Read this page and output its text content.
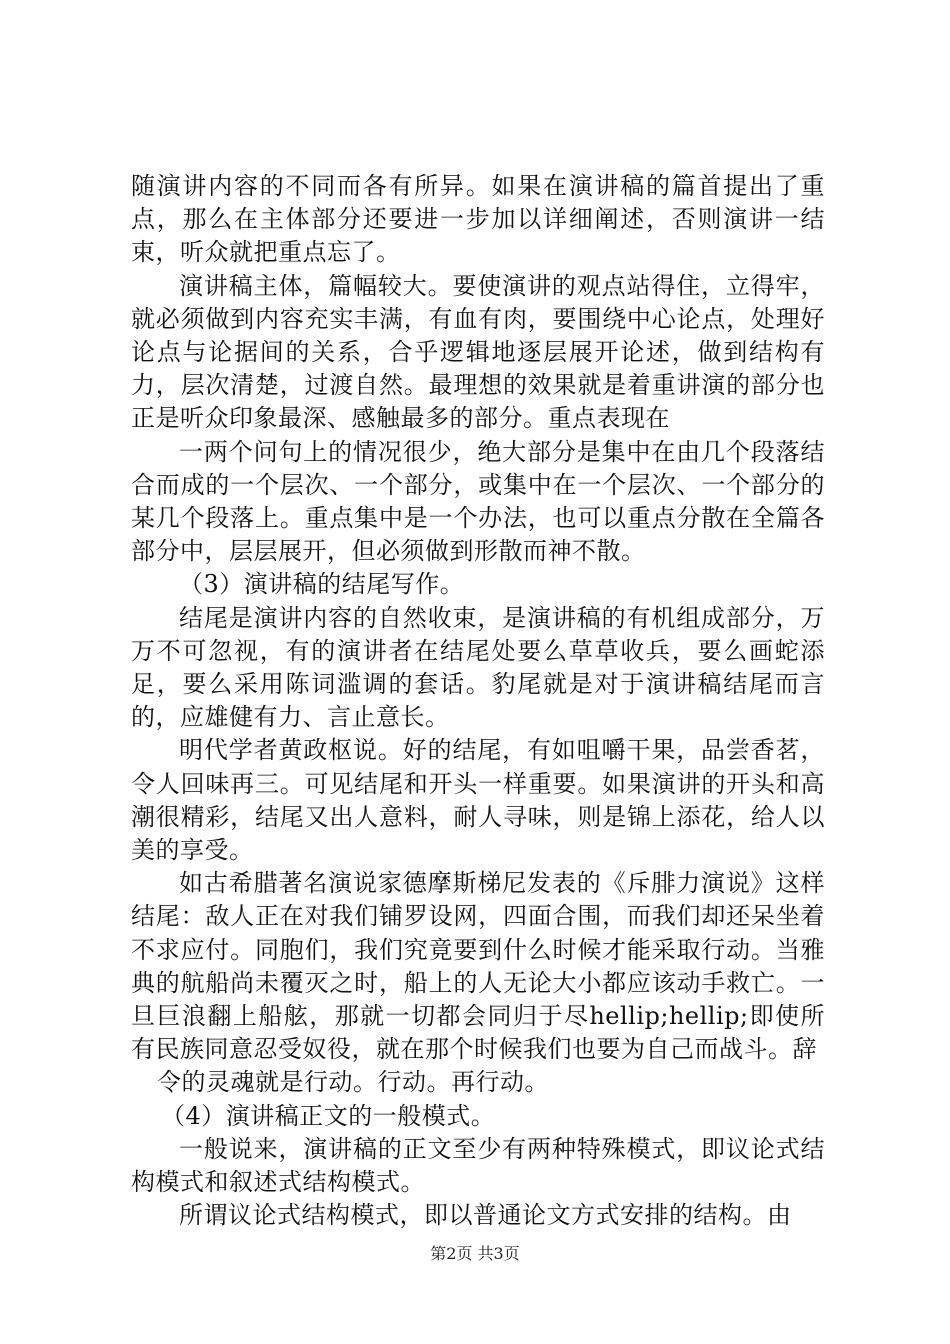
随演讲内容的不同而各有所异。如果在演讲稿的篇首提出了重点，那么在主体部分还要进一步加以详细阐述，否则演讲一结束，听众就把重点忘了。

演讲稿主体，篇幅较大。要使演讲的观点站得住，立得牢，就必须做到内容充实丰满，有血有肉，要围绕中心论点，处理好论点与论据间的关系，合乎逻辑地逐层展开论述，做到结构有力，层次清楚，过渡自然。最理想的效果就是着重讲演的部分也正是听众印象最深、感触最多的部分。重点表现在

一两个问句上的情况很少，绝大部分是集中在由几个段落结合而成的一个层次、一个部分，或集中在一个层次、一个部分的某几个段落上。重点集中是一个办法，也可以重点分散在全篇各部分中，层层展开，但必须做到形散而神不散。

（3）演讲稿的结尾写作。

结尾是演讲内容的自然收束，是演讲稿的有机组成部分，万万不可忽视，有的演讲者在结尾处要么草草收兵，要么画蛇添足，要么采用陈词滥调的套话。豹尾就是对于演讲稿结尾而言的，应雄健有力、言止意长。

明代学者黄政枢说。好的结尾，有如咀嚼干果，品尝香茗，令人回味再三。可见结尾和开头一样重要。如果演讲的开头和高潮很精彩，结尾又出人意料，耐人寻味，则是锦上添花，给人以美的享受。

如古希腊著名演说家德摩斯梯尼发表的《斥腓力演说》这样结尾：敌人正在对我们铺罗设网，四面合围，而我们却还呆坐着不求应付。同胞们，我们究竟要到什么时候才能采取行动。当雅典的航船尚未覆灭之时，船上的人无论大小都应该动手救亡。一旦巨浪翻上船舷，那就一切都会同归于尽hellip;hellip;即使所有民族同意忍受奴役，就在那个时候我们也要为自己而战斗。辞

令的灵魂就是行动。行动。再行动。

（4）演讲稿正文的一般模式。

一般说来，演讲稿的正文至少有两种特殊模式，即议论式结构模式和叙述式结构模式。

所谓议论式结构模式，即以普通论文方式安排的结构。由

第2页 共3页
